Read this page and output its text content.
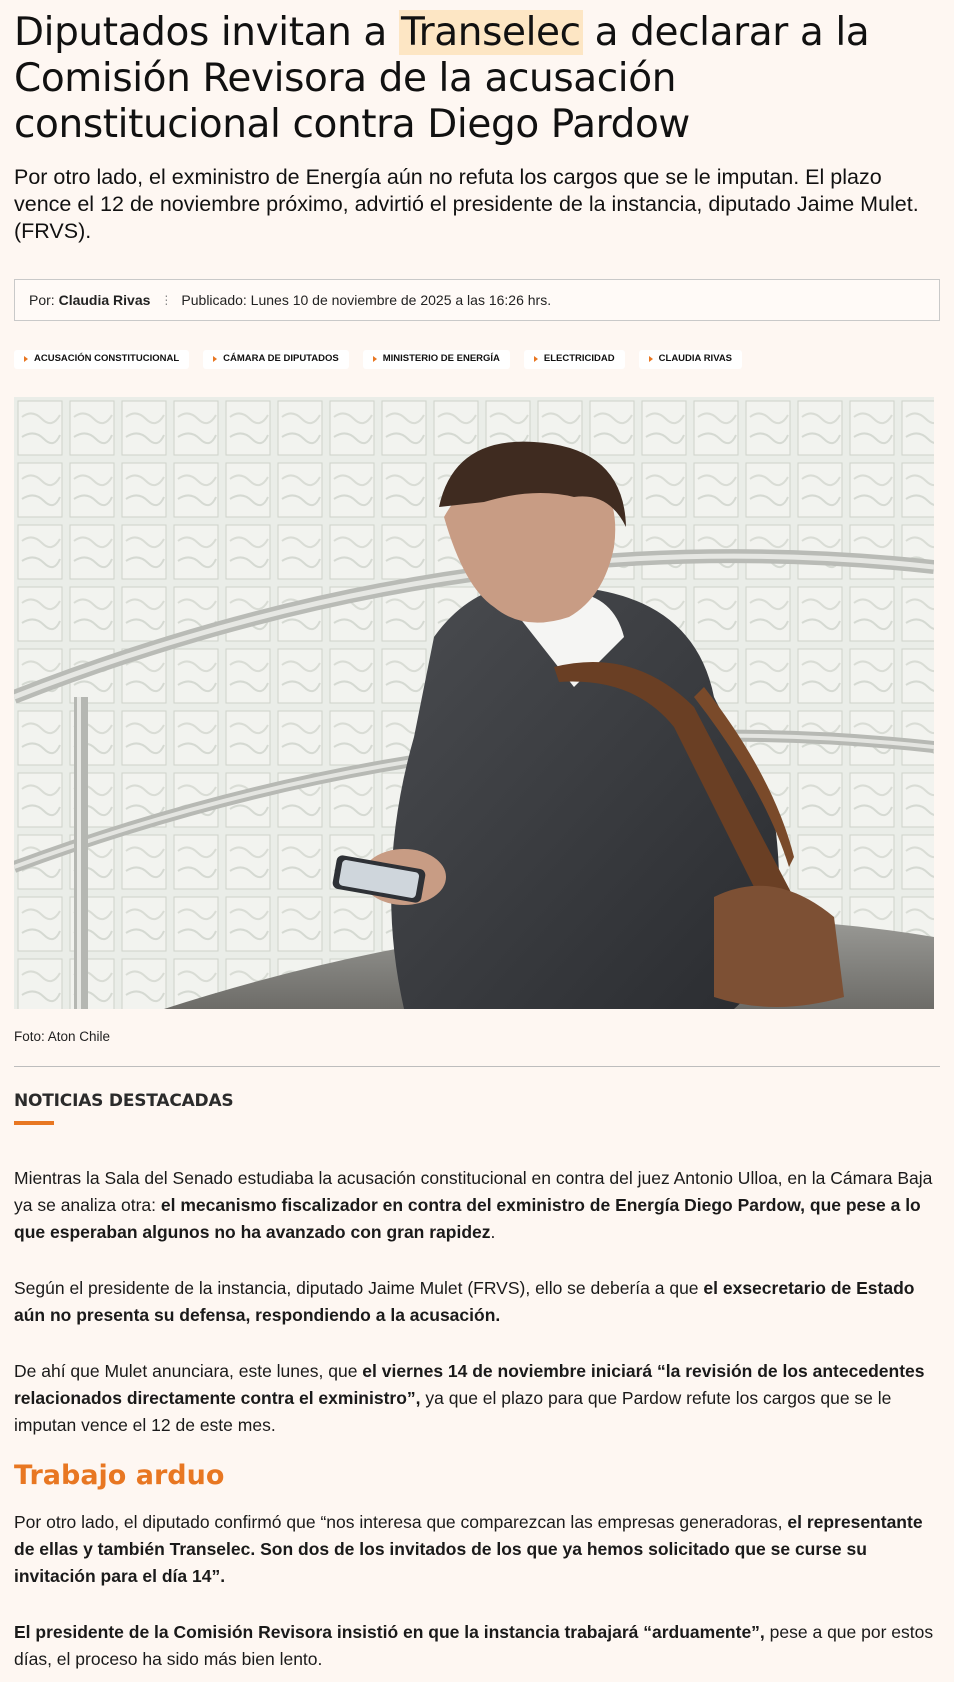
Diputados invitan a Transelec a declarar a la Comisión Revisora de la acusación constitucional contra Diego Pardow

Por otro lado, el exministro de Energía aún no refuta los cargos que se le imputan. El plazo vence el 12 de noviembre próximo, advirtió el presidente de la instancia, diputado Jaime Mulet. (FRVS).

Por:
Claudia Rivas ⋮ Publicado: Lunes 10 de noviembre de 2025 a las 16:26 hrs.
ACUSACIÓN CONSTITUCIONAL	CÁMARA DE DIPUTADOS	MINISTERIO DE ENERGÍA	ELECTRICIDAD	CLAUDIA RIVAS
Foto: Aton Chile
NOTICIAS DESTACADAS

Mientras la Sala del Senado estudiaba la acusación constitucional en contra del juez Antonio Ulloa, en la Cámara Baja ya se analiza otra: el mecanismo fiscalizador en contra del exministro de Energía Diego Pardow, que pese a lo que esperaban algunos no ha avanzado con gran rapidez.

Según el presidente de la instancia, diputado Jaime Mulet (FRVS), ello se debería a que el exsecretario de Estado aún no presenta su defensa, respondiendo a la acusación.

De ahí que Mulet anunciara, este lunes, que el viernes 14 de noviembre iniciará “la revisión de los antecedentes relacionados directamente contra el exministro”, ya que el plazo para que Pardow refute los cargos que se le imputan vence el 12 de este mes.

Trabajo arduo

Por otro lado, el diputado confirmó que “nos interesa que comparezcan las empresas generadoras, el representante de ellas y también Transelec. Son dos de los invitados de los que ya hemos solicitado que se curse su invitación para el día 14”.

El presidente de la Comisión Revisora insistió en que la instancia trabajará “arduamente”, pese a que por estos días, el proceso ha sido más bien lento.
